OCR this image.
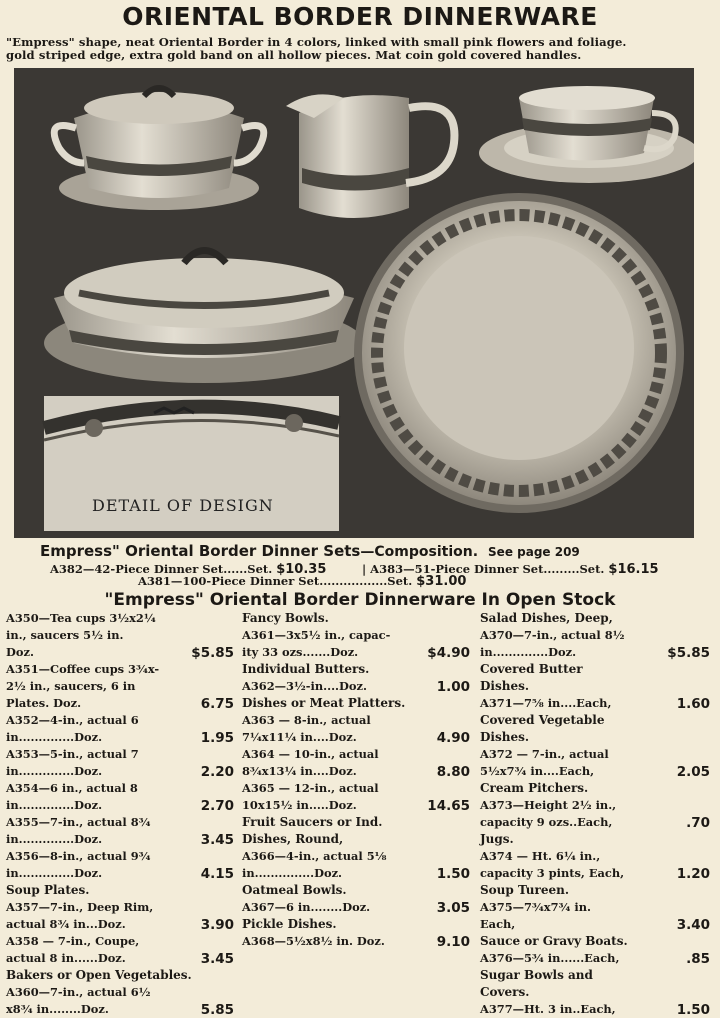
ORIENTAL BORDER DINNERWARE
"Empress" shape, neat Oriental Border in 4 colors, linked with small pink flowers and foliage.
gold striped edge, extra gold band on all hollow pieces. Mat coin gold covered handles.
DETAIL OF DESIGN
Empress" Oriental Border Dinner Sets—Composition. See page 209
A382—42-Piece Dinner Set......Set. $10.35	| A383—51-Piece Dinner Set.........Set. $16.15
A381—100-Piece Dinner Set.................Set. $31.00
"Empress" Oriental Border Dinnerware In Open Stock
A350—Tea cups 3½x2¼
in., saucers 5½ in.
Doz.	$5.85
A351—Coffee cups 3¾x-
2½ in., saucers, 6 in
Plates. Doz.	6.75
A352—4-in., actual 6
in..............Doz.	1.95
A353—5-in., actual 7
in..............Doz.	2.20
A354—6 in., actual 8
in..............Doz.	2.70
A355—7-in., actual 8¾
in..............Doz.	3.45
A356—8-in., actual 9¾
in..............Doz.	4.15
Soup Plates.
A357—7-in., Deep Rim,
actual 8¾ in...Doz.	3.90
A358 — 7-in., Coupe,
actual 8 in......Doz.	3.45
Bakers or Open Vegetables.
A360—7-in., actual 6½
x8¾ in........Doz.	5.85
Fancy Bowls.
A361—3x5½ in., capac-
ity 33 ozs.......Doz.	$4.90
Individual Butters.
A362—3½-in....Doz.	1.00
Dishes or Meat Platters.
A363 — 8-in., actual
7¼x11¼ in....Doz.	4.90
A364 — 10-in., actual
8¾x13¼ in....Doz.	8.80
A365 — 12-in., actual
10x15½ in.....Doz.	14.65
Fruit Saucers or Ind.
Dishes, Round,
A366—4-in., actual 5⅛
in...............Doz.	1.50
Oatmeal Bowls.
A367—6 in........Doz.	3.05
Pickle Dishes.
A368—5½x8½ in. Doz.	9.10
Salad Dishes, Deep,
A370—7-in., actual 8½
in..............Doz.	$5.85
Covered Butter
Dishes.
A371—7⅝ in....Each,	1.60
Covered Vegetable
Dishes.
A372 — 7-in., actual
5½x7¾ in....Each,	2.05
Cream Pitchers.
A373—Height 2½ in.,
capacity 9 ozs..Each,	.70
Jugs.
A374 — Ht. 6¼ in.,
capacity 3 pints, Each,	1.20
Soup Tureen.
A375—7¾x7¾ in.
Each,	3.40
Sauce or Gravy Boats.
A376—5¾ in......Each,	.85
Sugar Bowls and
Covers.
A377—Ht. 3 in..Each,	1.50
